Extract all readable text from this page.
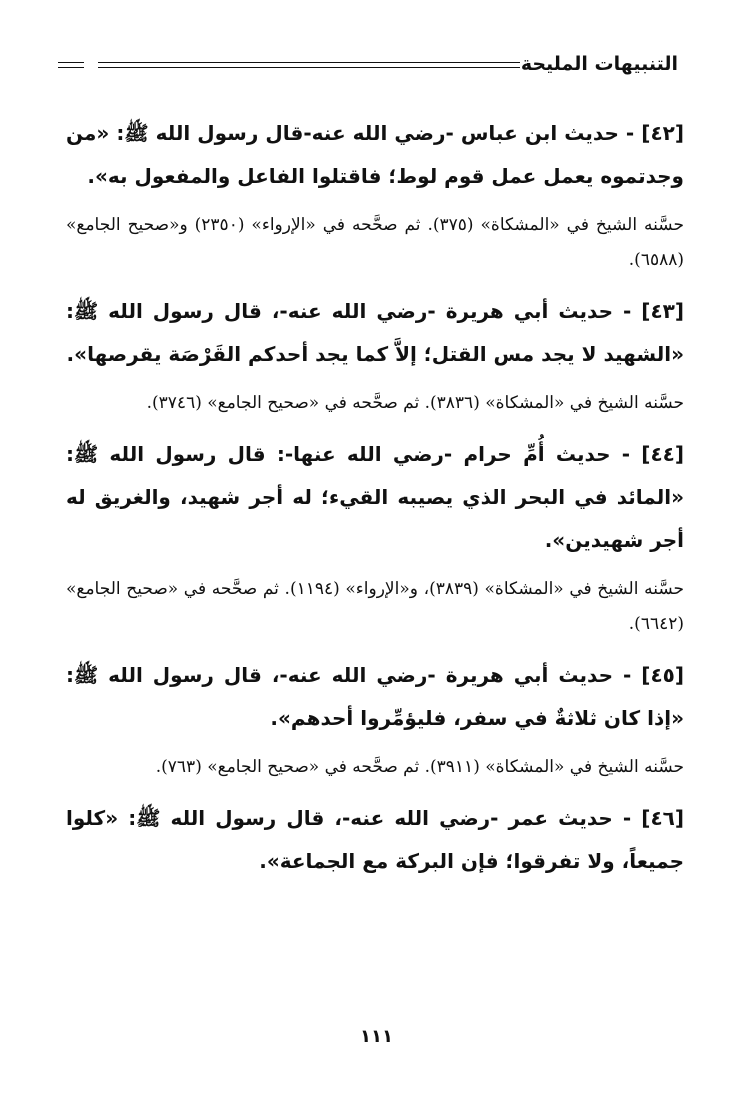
التنبيهات المليحة

[٤٢] - حديث ابن عباس -رضي الله عنه-قال رسول الله ﷺ: «من وجدتموه يعمل عمل قوم لوط؛ فاقتلوا الفاعل والمفعول به».

حسَّنه الشيخ في «المشكاة» (٣٧٥). ثم صحَّحه في «الإرواء» (٢٣٥٠) و«صحيح الجامع» (٦٥٨٨).

[٤٣] - حديث أبي هريرة -رضي الله عنه-، قال رسول الله ﷺ: «الشهيد لا يجد مس القتل؛ إلاَّ كما يجد أحدكم القَرْصَة يقرصها».

حسَّنه الشيخ في «المشكاة» (٣٨٣٦). ثم صحَّحه في «صحيح الجامع» (٣٧٤٦).

[٤٤] - حديث أُمِّ حرام -رضي الله عنها-: قال رسول الله ﷺ: «المائد في البحر الذي يصيبه القيء؛ له أجر شهيد، والغريق له أجر شهيدين».

حسَّنه الشيخ في «المشكاة» (٣٨٣٩)، و«الإرواء» (١١٩٤). ثم صحَّحه في «صحيح الجامع» (٦٦٤٢).

[٤٥] - حديث أبي هريرة -رضي الله عنه-، قال رسول الله ﷺ: «إذا كان ثلاثةٌ في سفر، فليؤمِّروا أحدهم».

حسَّنه الشيخ في «المشكاة» (٣٩١١). ثم صحَّحه في «صحيح الجامع» (٧٦٣).

[٤٦] - حديث عمر -رضي الله عنه-، قال رسول الله ﷺ: «كلوا جميعاً، ولا تفرقوا؛ فإن البركة مع الجماعة».

١١١
